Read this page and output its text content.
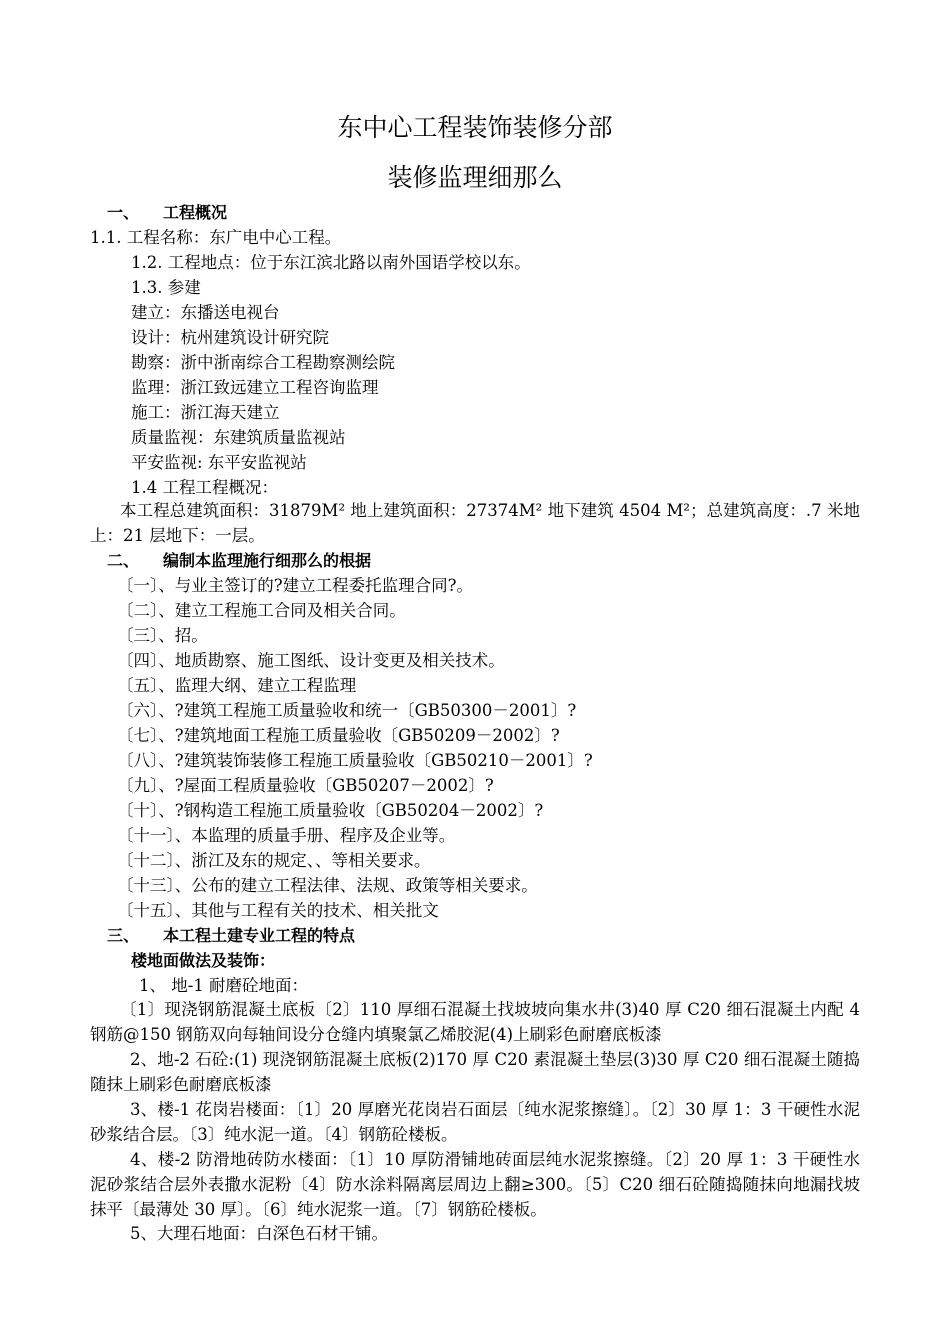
东中心工程装饰装修分部
装修监理细那么
一、 工程概况
1.1. 工程名称：东广电中心工程。
1.2. 工程地点：位于东江滨北路以南外国语学校以东。
1.3. 参建
建立：东播送电视台
设计：杭州建筑设计研究院
勘察：浙中浙南综合工程勘察测绘院
监理：浙江致远建立工程咨询监理
施工：浙江海天建立
质量监视：东建筑质量监视站
平安监视: 东平安监视站
1.4 工程工程概况：
本工程总建筑面积：31879M² 地上建筑面积：27374M² 地下建筑 4504 M²；总建筑高度：.7 米地上：21 层地下：一层。
二、 编制本监理施行细那么的根据
〔一〕、与业主签订的?建立工程委托监理合同?。
〔二〕、建立工程施工合同及相关合同。
〔三〕、招。
〔四〕、地质勘察、施工图纸、设计变更及相关技术。
〔五〕、监理大纲、建立工程监理
〔六〕、?建筑工程施工质量验收和统一〔GB50300－2001〕?
〔七〕、?建筑地面工程施工质量验收〔GB50209－2002〕?
〔八〕、?建筑装饰装修工程施工质量验收〔GB50210－2001〕?
〔九〕、?屋面工程质量验收〔GB50207－2002〕?
〔十〕、?钢构造工程施工质量验收〔GB50204－2002〕?
〔十一〕、本监理的质量手册、程序及企业等。
〔十二〕、浙江及东的规定、、等相关要求。
〔十三〕、公布的建立工程法律、法规、政策等相关要求。
〔十五〕、其他与工程有关的技术、相关批文
三、 本工程土建专业工程的特点
楼地面做法及装饰：
1、 地-1 耐磨砼地面：
〔1〕现浇钢筋混凝土底板〔2〕110 厚细石混凝土找坡坡向集水井(3)40 厚 C20 细石混凝土内配 4 钢筋@150 钢筋双向每轴间设分仓缝内填聚氯乙烯胶泥(4)上刷彩色耐磨底板漆
2、地-2 石砼:(1) 现浇钢筋混凝土底板(2)170 厚 C20 素混凝土垫层(3)30 厚 C20 细石混凝土随捣随抹上刷彩色耐磨底板漆
3、楼-1 花岗岩楼面：〔1〕20 厚磨光花岗岩石面层〔纯水泥浆擦缝〕。〔2〕30 厚 1：3 干硬性水泥砂浆结合层。〔3〕纯水泥一道。〔4〕钢筋砼楼板。
4、楼-2 防滑地砖防水楼面：〔1〕10 厚防滑铺地砖面层纯水泥浆擦缝。〔2〕20 厚 1：3 干硬性水泥砂浆结合层外表撒水泥粉〔4〕防水涂料隔离层周边上翻≥300。〔5〕C20 细石砼随捣随抹向地漏找坡抹平〔最薄处 30 厚〕。〔6〕纯水泥浆一道。〔7〕钢筋砼楼板。
5、大理石地面：白深色石材干铺。
